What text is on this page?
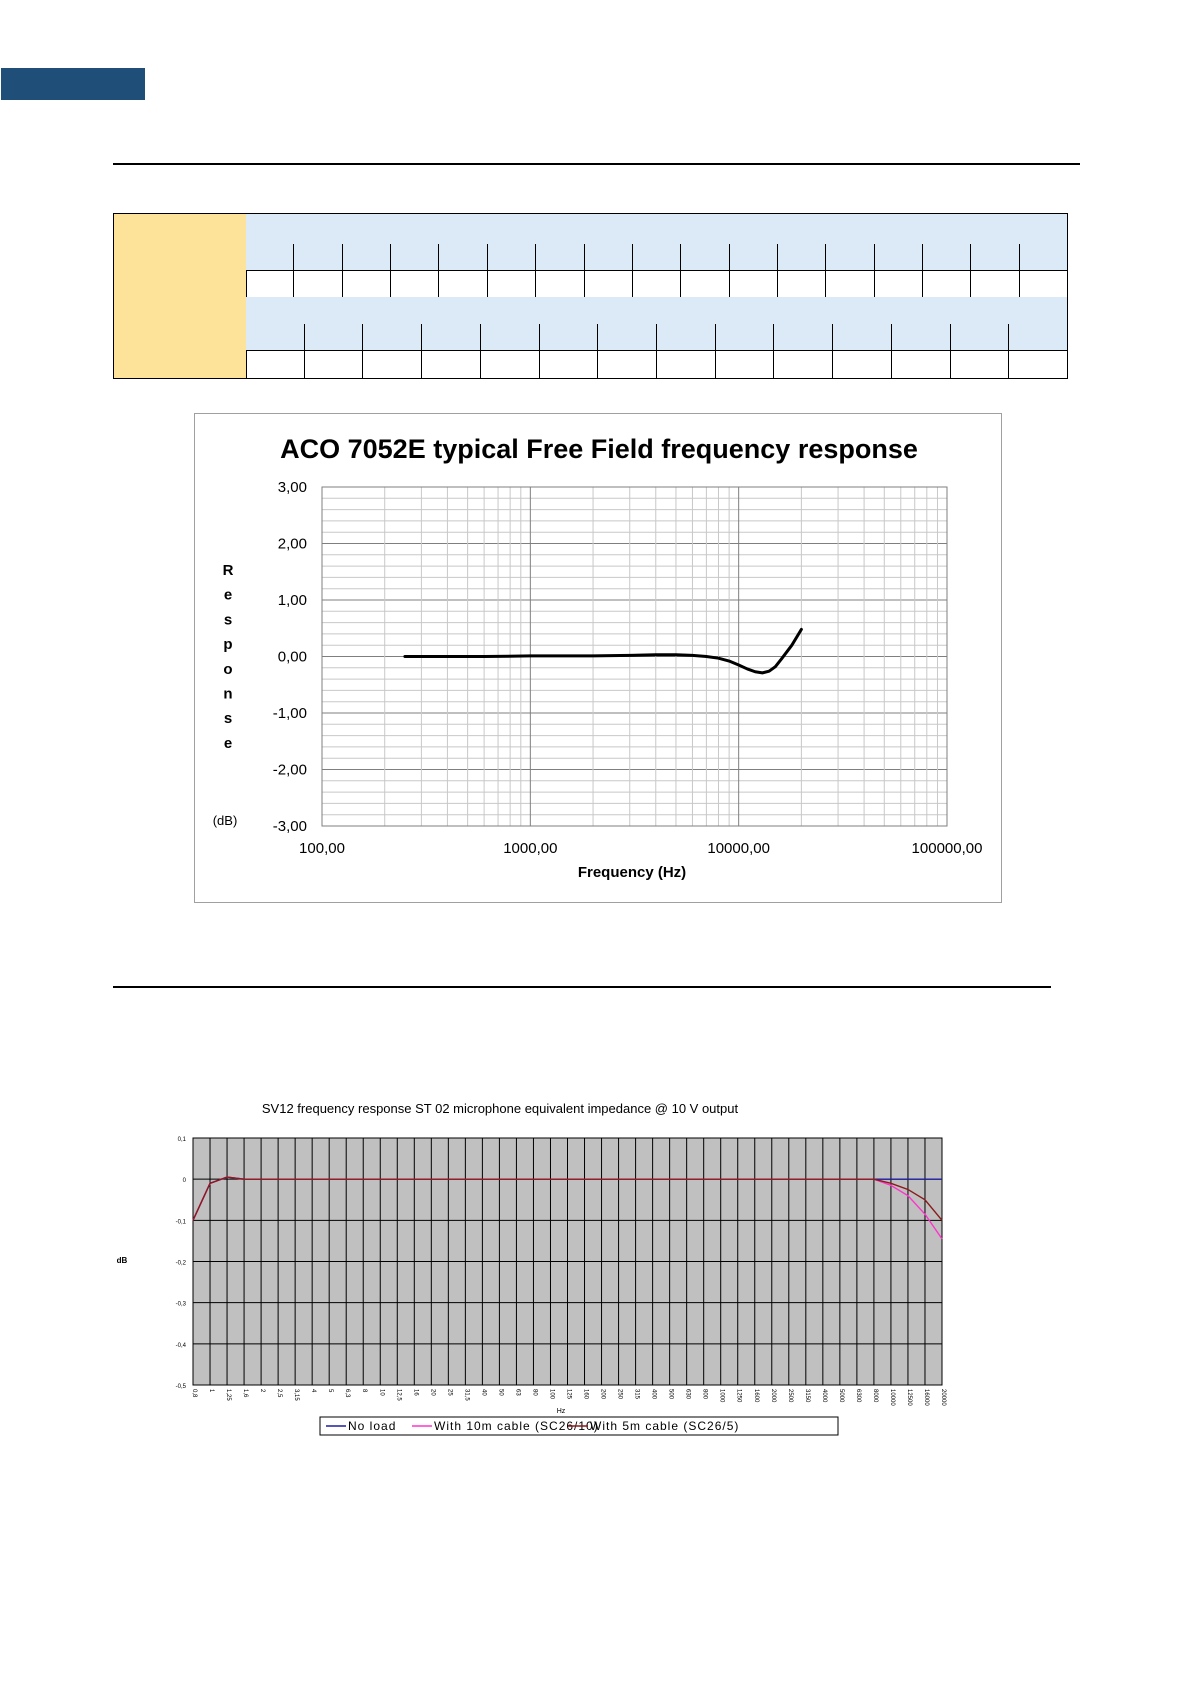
ACO 7052E typical Free Field frequency response
3,00
2,00
1,00
0,00
-1,00
-2,00
-3,00
100,00	1000,00	10000,00	100000,00
R e s p o n s e
(dB)
Frequency (Hz)
SV12 frequency response ST 02 microphone equivalent impedance @ 10 V output
0,1
0
-0,1
-0,2
-0,3
-0,4
-0,5
0,8 1 1,25 1,6 2 2,5 3,15 4 5 6,3 8 10 12,5 16 20 25 31,5 40 50 63 80 100 125 160 200 250 315 400 500 630 800 1000 1250 1600 2000 2500 3150 4000 5000 6300 8000 10000 12500 16000 20000
dB
Hz
No load	With 10m cable (SC26/10)
With 5m cable (SC26/5)
